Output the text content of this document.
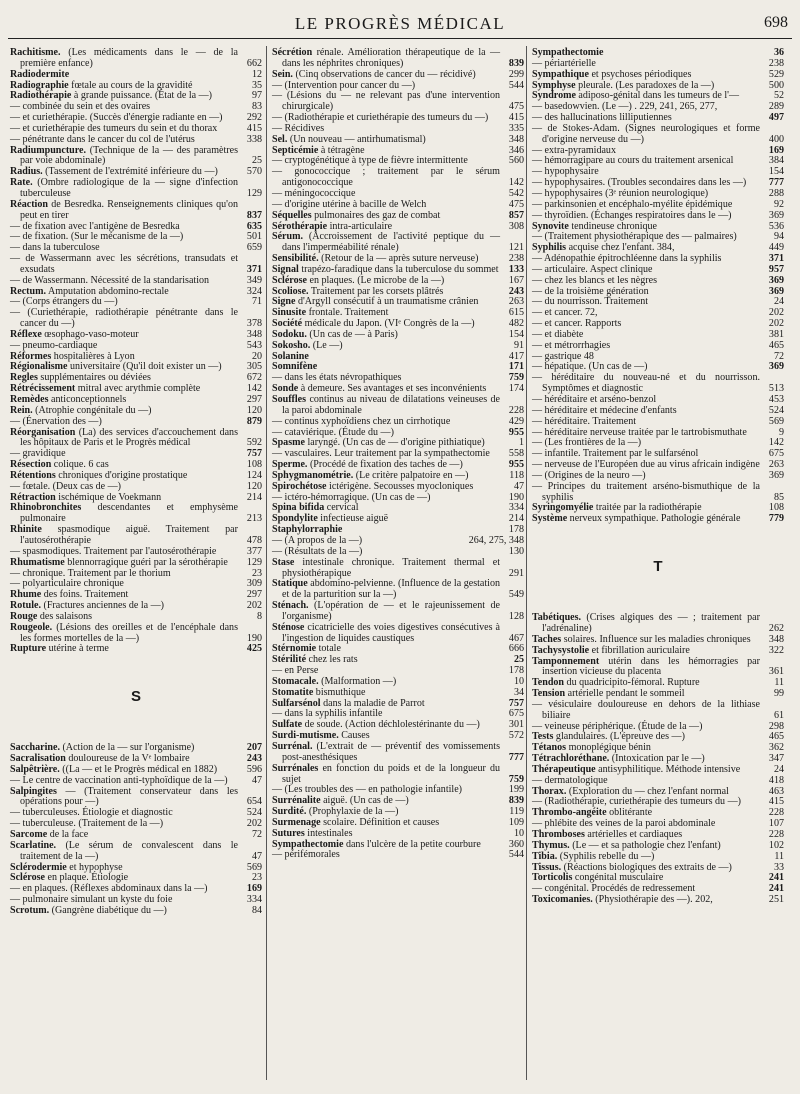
LE PROGRÈS MÉDICAL	698
Rachitisme. (Les médicaments dans le — de la première enfance)	662
Radiodermite	12
Radiographie fœtale au cours de la gravidité	35
Radiothérapie à grande puissance. (État de la —)	97
— combinée du sein et des ovaires	83
— et curiethérapie. (Succès d'énergie radiante en —) 292
— et curiethérapie des tumeurs du sein et du thorax	415
— pénétrante dans le cancer du col de l'utérus	338
Radiumpuncture. (Technique de la — des paramètres par voie abdominale)	25
Radius. (Tassement de l'extrémité inférieure du —)	570
Rate. (Ombre radiologique de la — signe d'infection tuberculeuse	129
Réaction de Besredka. Renseignements cliniques qu'on peut en tirer	837
— de fixation avec l'antigène de Besredka	635
— de fixation. (Sur le mécanisme de la —)	501
— dans la tuberculose	659
— de Wassermann avec les sécrétions, transudats et exsudats	371
— de Wassermann. Nécessité de la standarisation	349
Rectum. Amputation abdomino-rectale	324
— (Corps étrangers du —)	71
— (Curiethérapie, radiothérapie pénétrante dans le cancer du —)	378
Réflexe œsophago-vaso-moteur	348
— pneumo-cardiaque	543
Réformes hospitalières à Lyon	20
Régionalisme universitaire (Qu'il doit exister un —)	305
Regles supplémentaires ou déviées	672
Rétrécissement mitral avec arythmie complète	142
Remèdes anticonceptionnels	297
Rein. (Atrophie congénitale du —)	120
— (Énervation des —)	879
Réorganisation (La) des services d'accouchement dans les hôpitaux de Paris et le Progrès médical	592
— gravidique	757
Résection colique. 6 cas	108
Rétentions chroniques d'origine prostatique	124
— fœtale. (Deux cas de —)	120
Rétraction ischémique de Voekmann	214
Rhinobronchites descendantes et emphysème pulmonaire	213
Rhinite spasmodique aiguë. Traitement par l'autosérothérapie	478
— spasmodiques. Traitement par l'autosérothérapie	377
Rhumatisme blennorragique guéri par la sérothérapie 129
— chronique. Traitement par le thorium	23
— polyarticulaire chronique	309
Rhume des foins. Traitement	297
Rotule. (Fractures anciennes de la —)	202
Rouge des salaisons	8
Rougeole. (Lésions des oreilles et de l'encéphale dans les formes mortelles de la —)	190
Rupture utérine à terme	425
S
Saccharine. (Action de la — sur l'organisme)	207
Sacralisation douloureuse de la Vᵉ lombaire	243
Salpêtrière. ((La — et le Progrès médical en 1882)	596
— Le centre de vaccination anti-typhoïdique de la —) 47
Salpingites — (Traitement conservateur dans les opérations pour —)	654
— tuberculeuses. Étiologie et diagnostic	524
— tuberculeuse. (Traitement de la —)	202
Sarcome de la face	72
Scarlatine. (Le sérum de convalescent dans le traitement de la —)	47
Sclérodermie et hypophyse	569
Sclérose en plaque. Étiologie	23
— en plaques. (Réflexes abdominaux dans la —)	169
— pulmonaire simulant un kyste du foie	334
Scrotum. (Gangrène diabétique du —)	84
Sécrétion rénale. Amélioration thérapeutique de la — dans les néphrites chroniques)	839
Sein. (Cinq observations de cancer du — récidivé)	299
— (Intervention pour cancer du —)	544
— (Lésions du — ne relevant pas d'une intervention chirurgicale)	475
— (Radiothérapie et curiethérapie des tumeurs du —) 415
— Récidives	335
Sel. (Un nouveau — antirhumatismal)	348
Septicémie à tétragène	346
— cryptogénétique à type de fièvre intermittente	560
— gonococcique ; traitement par le sérum antigonococcique	142
— méningococcique	542
— d'origine utérine à bacille de Welch	475
Séquelles pulmonaires des gaz de combat	857
Sérothérapie intra-articulaire	308
Sérum. (Accroissement de l'activité peptique du — dans l'imperméabilité rénale)	121
Sensibilité. (Retour de la — après suture nerveuse)	238
Signal trapézo-faradique dans la tuberculose du sommet 133
Sclérose en plaques. (Le microbe de la —)	167
Scoliose. Traitement par les corsets plâtrés	243
Signe d'Argyll consécutif à un traumatisme crânien	263
Sinusite frontale. Traitement	615
Société médicale du Japon. (VIᵉ Congrès de la —)	482
Sodoku. (Un cas de — à Paris)	154
Sokosho. (Le —)	91
Solanine	417
Somnifène	171
— dans les états névropathiques	759
Sonde à demeure. Ses avantages et ses inconvénients 174
Souffles continus au niveau de dilatations veineuses de la paroi abdominale	228
— continus xyphoïdiens chez un cirrhotique	429
— cataviérique. (Étude du —)	955
Spasme laryngé. (Un cas de — d'origine pithiatique)	1
— vasculaires. Leur traitement par la sympathectomie 558
Sperme. (Procédé de fixation des taches de —)	955
Sphygmanométrie. (Le critère palpatoire en —)	118
Spirochétose ictérigène. Secousses myocloniques	47
— ictéro-hémorragique. (Un cas de —)	190
Spina bifida cervical	334
Spondylite infectieuse aiguë	214
Staphylorraphie	178
— (A propos de la —)	264, 275, 348
— (Résultats de la —)	130
Stase intestinale chronique. Traitement thermal et physiothérapique	291
Statique abdomino-pelvienne. (Influence de la gestation et de la parturition sur la —)	549
Sténach. (L'opération de — et le rajeunissement de l'organisme)	128
Sténose cicatricielle des voies digestives consécutives à l'ingestion de liquides caustiques	467
Stérnomie totale	666
Stérilité chez les rats	25
— en Perse	178
Stomacale. (Malformation —)	10
Stomatite bismuthique	34
Sulfarsénol dans la maladie de Parrot	757
— dans la syphilis infantile	675
Sulfate de soude. (Action déchlolestérinante du —)	301
Surdi-mutisme. Causes	572
Surrénal. (L'extrait de — préventif des vomissements post-anesthésiques	777
Surrénales en fonction du poids et de la longueur du sujet	759
— (Les troubles des — en pathologie infantile)	199
Surrénalite aiguë. (Un cas de —)	839
Surdité. (Prophylaxie de la —)	119
Surmenage scolaire. Définition et causes	109
Sutures intestinales	10
Sympathectomie dans l'ulcère de la petite courbure	360
— périfémorales	544
Sympathectomie	36
— périartérielle	238
Sympathique et psychoses périodiques	529
Symphyse pleurale. (Les paradoxes de la —)	500
Syndrome adiposo-génital dans les tumeurs de l'—	52
— basedowvien. (Le —) . 229, 241, 265, 277,	289
— des hallucinations lilliputiennes	497
— de Stokes-Adam. (Signes neurologiques et forme d'origine nerveuse du —)	400
— extra-pyramidaux	169
— hémorragipare au cours du traitement arsenical	384
— hypophysaire	154
— hypophysaires. (Troubles secondaires dans les —) 777
— hypophysaires (3ᵉ réunion neurologique)	288
— parkinsonien et encéphalo-myélite épidémique	92
— thyroïdien. (Échanges respiratoires dans le —)	369
Synovite tendineuse chronique	536
— (Traitement physiothérapique des — palmaires)	94
Syphilis acquise chez l'enfant. 384,	449
— Adénopathie épitrochléenne dans la syphilis	371
— articulaire. Aspect clinique	957
— chez les blancs et les nègres	369
— de la troisième génération	369
— du nourrisson. Traitement	24
— et cancer. 72,	202
— et cancer. Rapports	202
— et diabète	381
— et métrorrhagies	465
— gastrique 48	72
— hépatique. (Un cas de —)	369
— héréditaire du nouveau-né et du nourrisson. Symptômes et diagnostic	513
— héréditaire et arséno-benzol	453
— héréditaire et médecine d'enfants	524
— héréditaire. Traitement	569
— héréditaire nerveuse traitée par le tartrobismuthate	9
— (Les frontières de la —)	142
— infantile. Traitement par le sulfarsénol	675
— nerveuse de l'Européen due au virus africain indigène 263
— (Origines de la neuro —)	369
— Principes du traitement arséno-bismuthique de la syphilis	85
Syringomyélie traitée par la radiothérapie	108
Système nerveux sympathique. Pathologie générale	779
T
Tabétiques. (Crises algiques des — ; traitement par l'adrénaline)	262
Taches solaires. Influence sur les maladies chroniques 348
Tachysystolie et fibrillation auriculaire	322
Tamponnement utérin dans les hémorragies par insertion vicieuse du placenta	361
Tendon du quadricipito-fémoral. Rupture	11
Tension artérielle pendant le sommeil	99
— vésiculaire douloureuse en dehors de la lithiase biliaire	61
— veineuse périphérique. (Étude de la —)	298
Tests glandulaires. (L'épreuve des —)	465
Tétanos monoplégique bénin	362
Tétrachloréthane. (Intoxication par le —)	347
Thérapeutique antisyphilitique. Méthode intensive	24
— dermatologique	418
Thorax. (Exploration du — chez l'enfant normal	463
— (Radiothérapie, curiethérapie des tumeurs du —)	415
Thrombo-angéite oblitérante	228
— phlébite des veines de la paroi abdominale	107
Thromboses artérielles et cardiaques	228
Thymus. (Le — et sa pathologie chez l'enfant)	102
Tibia. (Syphilis rebelle du —)	11
Tissus. (Réactions biologiques des extraits de —)	33
Torticolis congénital musculaire	241
— congénital. Procédés de redressement	241
Toxicomanies. (Physiothérapie des —). 202,	251
